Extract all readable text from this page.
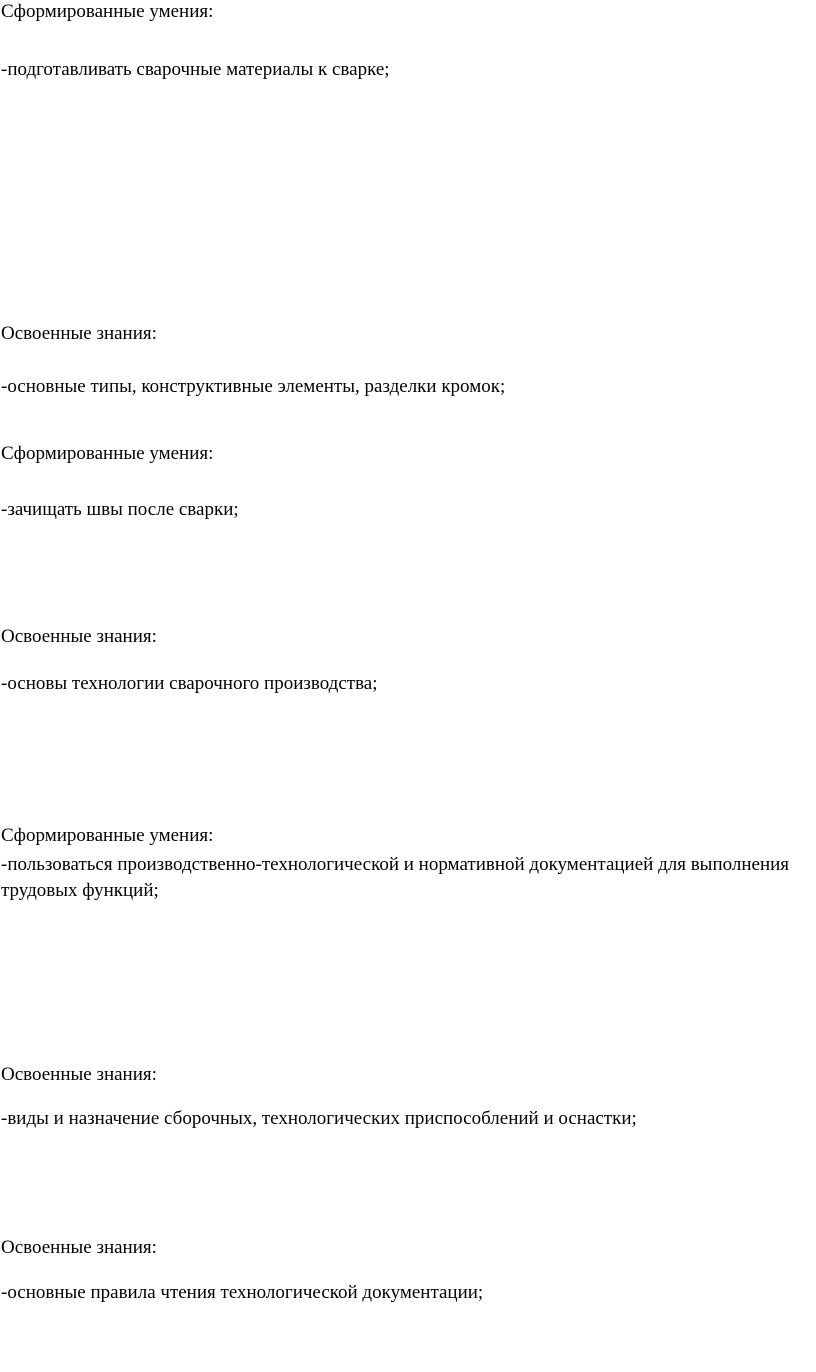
Сформированные умения:

-подготавливать сварочные материалы к сварке;

Освоенные знания:

-основные типы, конструктивные элементы, разделки кромок;

Сформированные умения:

-зачищать швы после сварки;

Освоенные знания:

-основы технологии сварочного производства;

Сформированные умения:

-пользоваться производственно-технологической и нормативной документацией для выполнения трудовых функций;

Освоенные знания:

-виды и назначение сборочных, технологических приспособлений и оснастки;

Освоенные знания:

-основные правила чтения технологической документации;
